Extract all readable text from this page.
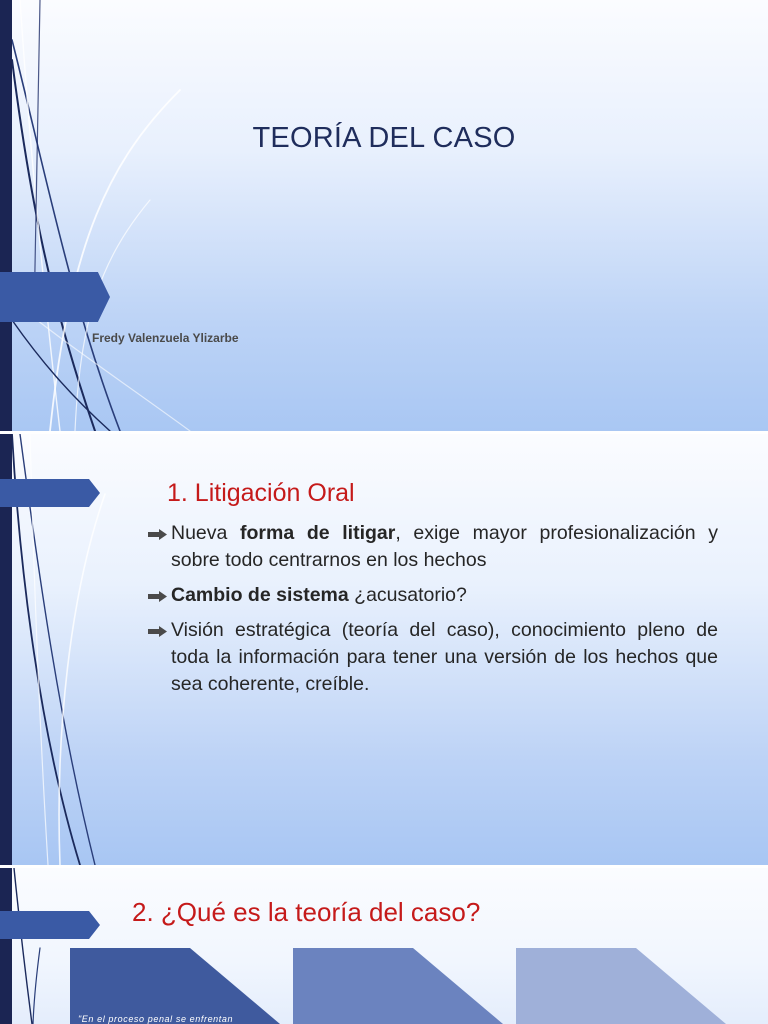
TEORÍA DEL CASO
Fredy Valenzuela Ylizarbe
1. Litigación Oral
Nueva forma de litigar, exige mayor profesionalización y sobre todo centrarnos en los hechos
Cambio de sistema ¿acusatorio?
Visión estratégica (teoría del caso), conocimiento pleno de toda la información para tener una versión de los hechos que sea coherente, creíble.
2. ¿Qué es la teoría del caso?
"En el proceso penal se enfrentan
